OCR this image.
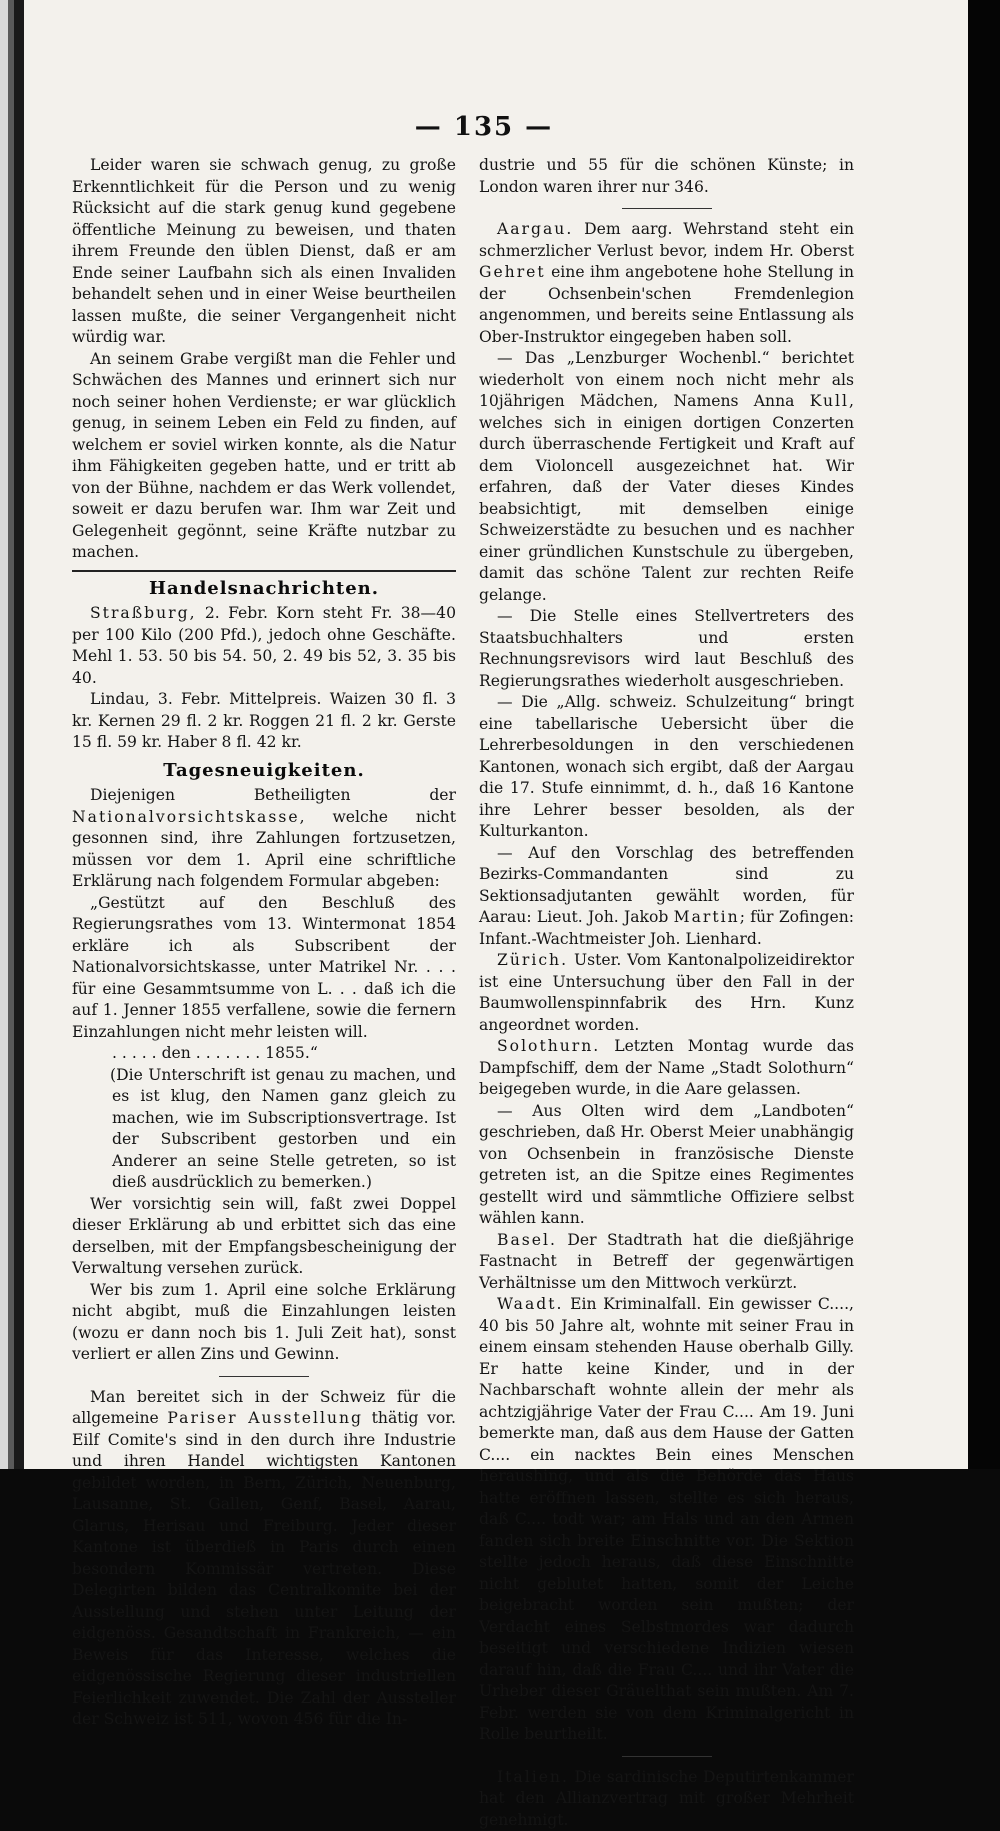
— 135 —

Leider waren sie schwach genug, zu große Erkenntlichkeit für die Person und zu wenig Rücksicht auf die stark genug kund gegebene öffentliche Meinung zu beweisen, und thaten ihrem Freunde den üblen Dienst, daß er am Ende seiner Laufbahn sich als einen Invaliden behandelt sehen und in einer Weise beurtheilen lassen mußte, die seiner Vergangenheit nicht würdig war.

An seinem Grabe vergißt man die Fehler und Schwächen des Mannes und erinnert sich nur noch seiner hohen Verdienste; er war glücklich genug, in seinem Leben ein Feld zu finden, auf welchem er soviel wirken konnte, als die Natur ihm Fähigkeiten gegeben hatte, und er tritt ab von der Bühne, nachdem er das Werk vollendet, soweit er dazu berufen war. Ihm war Zeit und Gelegenheit gegönnt, seine Kräfte nutzbar zu machen.

Handelsnachrichten.

Straßburg, 2. Febr. Korn steht Fr. 38—40 per 100 Kilo (200 Pfd.), jedoch ohne Geschäfte. Mehl 1. 53. 50 bis 54. 50, 2. 49 bis 52, 3. 35 bis 40.

Lindau, 3. Febr. Mittelpreis. Waizen 30 fl. 3 kr. Kernen 29 fl. 2 kr. Roggen 21 fl. 2 kr. Gerste 15 fl. 59 kr. Haber 8 fl. 42 kr.

Tagesneuigkeiten.

Diejenigen Betheiligten der Nationalvorsichtskasse, welche nicht gesonnen sind, ihre Zahlungen fortzusetzen, müssen vor dem 1. April eine schriftliche Erklärung nach folgendem Formular abgeben:

„Gestützt auf den Beschluß des Regierungsrathes vom 13. Wintermonat 1854 erkläre ich als Subscribent der Nationalvorsichtskasse, unter Matrikel Nr. . . . für eine Gesammtsumme von L. . . daß ich die auf 1. Jenner 1855 verfallene, sowie die fernern Einzahlungen nicht mehr leisten will.

. . . . . den . . . . . . . 1855.“

(Die Unterschrift ist genau zu machen, und es ist klug, den Namen ganz gleich zu machen, wie im Subscriptionsvertrage. Ist der Subscribent gestorben und ein Anderer an seine Stelle getreten, so ist dieß ausdrücklich zu bemerken.)

Wer vorsichtig sein will, faßt zwei Doppel dieser Erklärung ab und erbittet sich das eine derselben, mit der Empfangsbescheinigung der Verwaltung versehen zurück.

Wer bis zum 1. April eine solche Erklärung nicht abgibt, muß die Einzahlungen leisten (wozu er dann noch bis 1. Juli Zeit hat), sonst verliert er allen Zins und Gewinn.

Man bereitet sich in der Schweiz für die allgemeine Pariser Ausstellung thätig vor. Eilf Comite's sind in den durch ihre Industrie und ihren Handel wichtigsten Kantonen gebildet worden, in Bern, Zürich, Neuenburg, Lausanne, St. Gallen, Genf, Basel, Aarau, Glarus, Herisau und Freiburg. Jeder dieser Kantone ist überdieß in Paris durch einen besondern Kommissär vertreten. Diese Delegirten bilden das Centralkomite bei der Ausstellung und stehen unter Leitung der eidgenöss. Gesandtschaft in Frankreich, — ein Beweis für das Interesse, welches die eidgenössische Regierung dieser industriellen Feierlichkeit zuwendet. Die Zahl der Aussteller der Schweiz ist 511, wovon 456 für die In-

dustrie und 55 für die schönen Künste; in London waren ihrer nur 346.

Aargau. Dem aarg. Wehrstand steht ein schmerzlicher Verlust bevor, indem Hr. Oberst Gehret eine ihm angebotene hohe Stellung in der Ochsenbein'schen Fremdenlegion angenommen, und bereits seine Entlassung als Ober-Instruktor eingegeben haben soll.

— Das „Lenzburger Wochenbl.“ berichtet wiederholt von einem noch nicht mehr als 10jährigen Mädchen, Namens Anna Kull, welches sich in einigen dortigen Conzerten durch überraschende Fertigkeit und Kraft auf dem Violoncell ausgezeichnet hat. Wir erfahren, daß der Vater dieses Kindes beabsichtigt, mit demselben einige Schweizerstädte zu besuchen und es nachher einer gründlichen Kunstschule zu übergeben, damit das schöne Talent zur rechten Reife gelange.

— Die Stelle eines Stellvertreters des Staatsbuchhalters und ersten Rechnungsrevisors wird laut Beschluß des Regierungsrathes wiederholt ausgeschrieben.

— Die „Allg. schweiz. Schulzeitung“ bringt eine tabellarische Uebersicht über die Lehrerbesoldungen in den verschiedenen Kantonen, wonach sich ergibt, daß der Aargau die 17. Stufe einnimmt, d. h., daß 16 Kantone ihre Lehrer besser besolden, als der Kulturkanton.

— Auf den Vorschlag des betreffenden Bezirks-Commandanten sind zu Sektionsadjutanten gewählt worden, für Aarau: Lieut. Joh. Jakob Martin; für Zofingen: Infant.-Wachtmeister Joh. Lienhard.

Zürich. Uster. Vom Kantonalpolizeidirektor ist eine Untersuchung über den Fall in der Baumwollenspinnfabrik des Hrn. Kunz angeordnet worden.

Solothurn. Letzten Montag wurde das Dampfschiff, dem der Name „Stadt Solothurn“ beigegeben wurde, in die Aare gelassen.

— Aus Olten wird dem „Landboten“ geschrieben, daß Hr. Oberst Meier unabhängig von Ochsenbein in französische Dienste getreten ist, an die Spitze eines Regimentes gestellt wird und sämmtliche Offiziere selbst wählen kann.

Basel. Der Stadtrath hat die dießjährige Fastnacht in Betreff der gegenwärtigen Verhältnisse um den Mittwoch verkürzt.

Waadt. Ein Kriminalfall. Ein gewisser C...., 40 bis 50 Jahre alt, wohnte mit seiner Frau in einem einsam stehenden Hause oberhalb Gilly. Er hatte keine Kinder, und in der Nachbarschaft wohnte allein der mehr als achtzigjährige Vater der Frau C.... Am 19. Juni bemerkte man, daß aus dem Hause der Gatten C.... ein nacktes Bein eines Menschen heraushing, und als die Behörde das Haus hatte eröffnen lassen, stellte es sich heraus, daß C.... todt war; am Hals und an den Armen fanden sich breite Einschnitte vor. Die Sektion stellte jedoch heraus, daß diese Einschnitte nicht geblutet hatten, somit der Leiche beigebracht worden sein mußten; der Verdacht eines Selbstmordes war dadurch beseitigt und verschiedene Indizien wiesen darauf hin, daß die Frau C.... und ihr Vater die Urheber dieser Gräuelthat sein mußten. Am 7. Febr. werden sie von dem Kriminalgericht in Rolle beurtheilt.

Italien. Die sardinische Deputirtenkammer hat den Allianzvertrag mit großer Mehrheit genehmigt.
